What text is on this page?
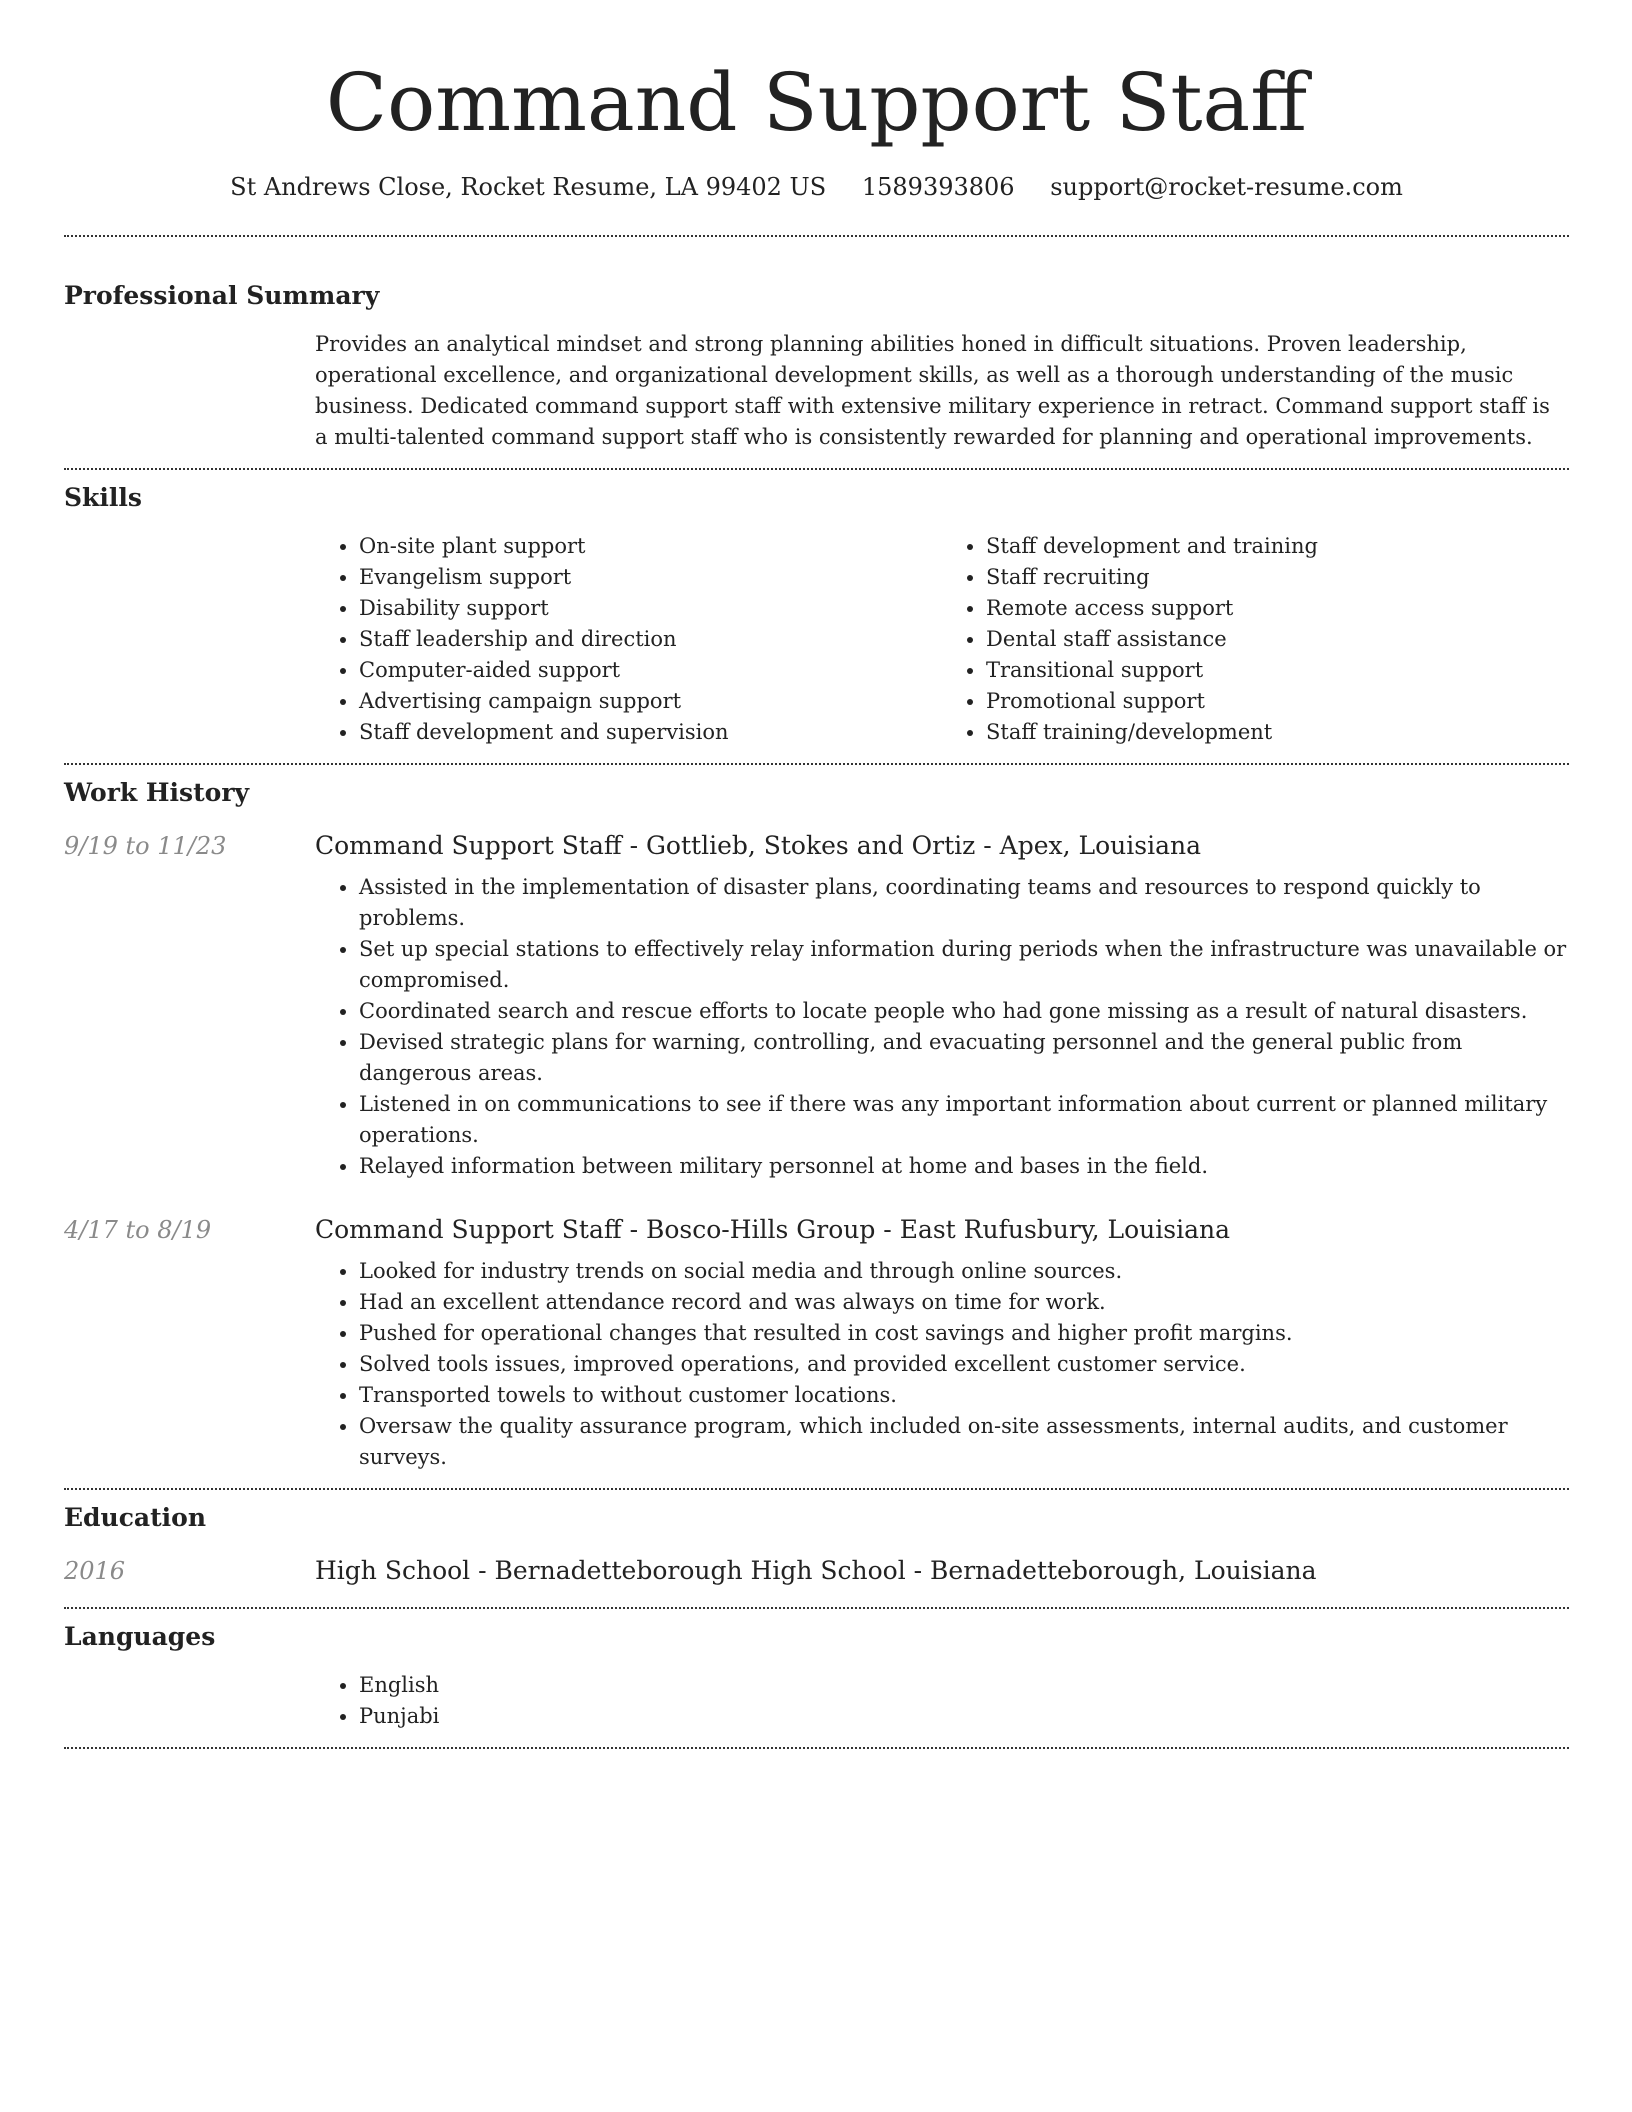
Command Support Staff
St Andrews Close, Rocket Resume, LA 99402 US 1589393806 support@rocket-resume.com
Professional Summary

Provides an analytical mindset and strong planning abilities honed in difficult situations. Proven leadership, operational excellence, and organizational development skills, as well as a thorough understanding of the music business. Dedicated command support staff with extensive military experience in retract. Command support staff is a multi-talented command support staff who is consistently rewarded for planning and operational improvements.

Skills
• On-site plant support
• Evangelism support
• Disability support
• Staff leadership and direction
• Computer-aided support
• Advertising campaign support
• Staff development and supervision
• Staff development and training
• Staff recruiting
• Remote access support
• Dental staff assistance
• Transitional support
• Promotional support
• Staff training/development
Work History
9/19 to 11/23	Command Support Staff - Gottlieb, Stokes and Ortiz - Apex, Louisiana
• Assisted in the implementation of disaster plans, coordinating teams and resources to respond quickly to problems.
• Set up special stations to effectively relay information during periods when the infrastructure was unavailable or compromised.
• Coordinated search and rescue efforts to locate people who had gone missing as a result of natural disasters.
• Devised strategic plans for warning, controlling, and evacuating personnel and the general public from dangerous areas.
• Listened in on communications to see if there was any important information about current or planned military operations.
• Relayed information between military personnel at home and bases in the field.
4/17 to 8/19	Command Support Staff - Bosco-Hills Group - East Rufusbury, Louisiana
• Looked for industry trends on social media and through online sources.
• Had an excellent attendance record and was always on time for work.
• Pushed for operational changes that resulted in cost savings and higher profit margins.
• Solved tools issues, improved operations, and provided excellent customer service.
• Transported towels to without customer locations.
• Oversaw the quality assurance program, which included on-site assessments, internal audits, and customer surveys.
Education
2016	High School - Bernadetteborough High School - Bernadetteborough, Louisiana
Languages
• English
• Punjabi
